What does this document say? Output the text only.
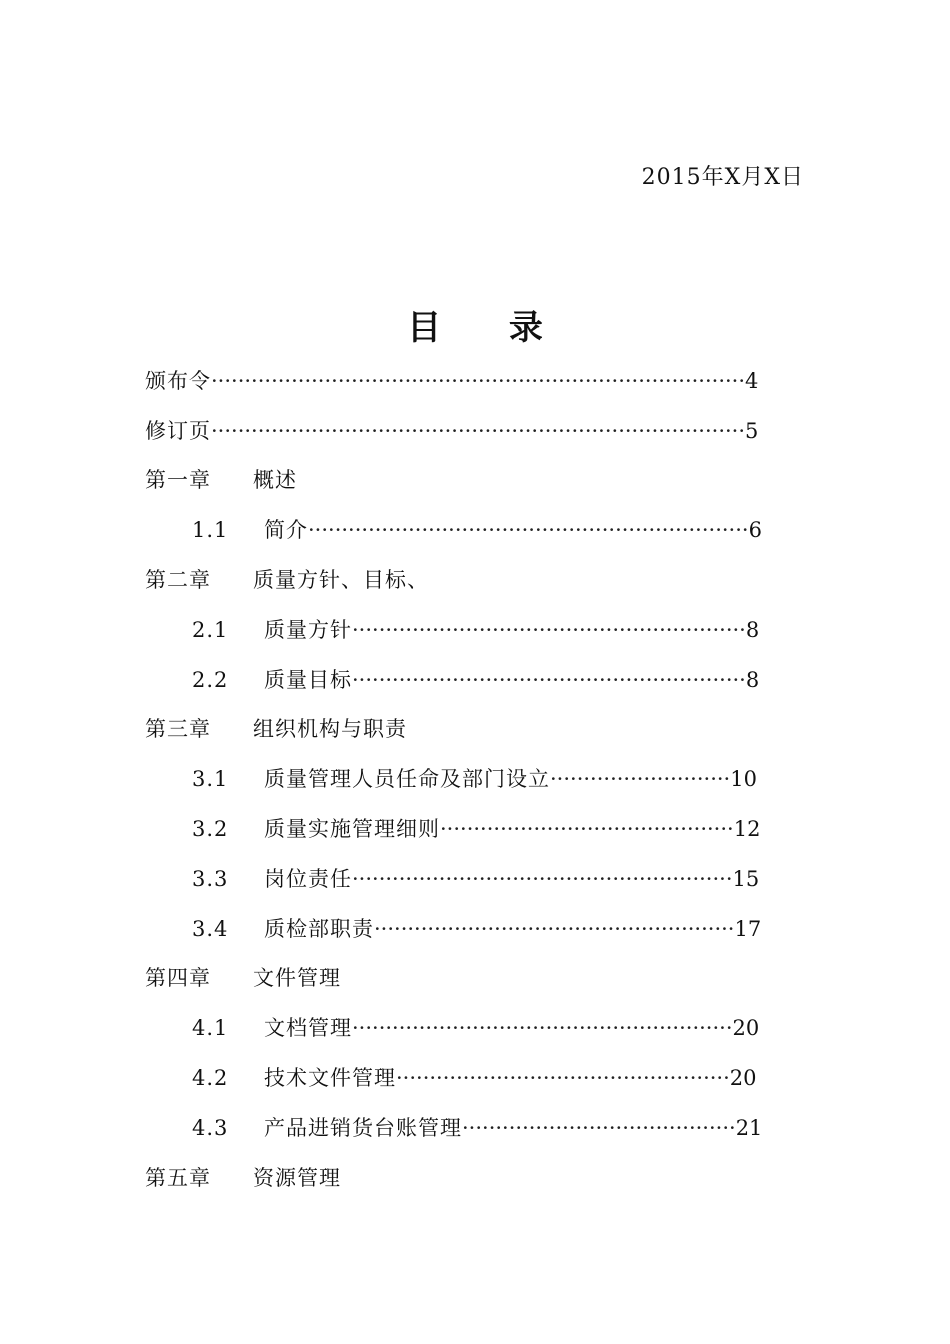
2015年X月X日
目 录
颁布令 ················································································ 4
修订页 ················································································ 5
第一章	概述
1.1	简介 ·································································· 6
第二章	质量方针、目标、
2.1	质量方针 ··························································· 8
2.2	质量目标 ··························································· 8
第三章	组织机构与职责
3.1	质量管理人员任命及部门设立 ··························· 10
3.2	质量实施管理细则 ············································ 12
3.3	岗位责任 ························································· 15
3.4	质检部职责 ······················································ 17
第四章	文件管理
4.1	文档管理 ························································· 20
4.2	技术文件管理 ·················································· 20
4.3	产品进销货台账管理 ········································· 21
第五章	资源管理
